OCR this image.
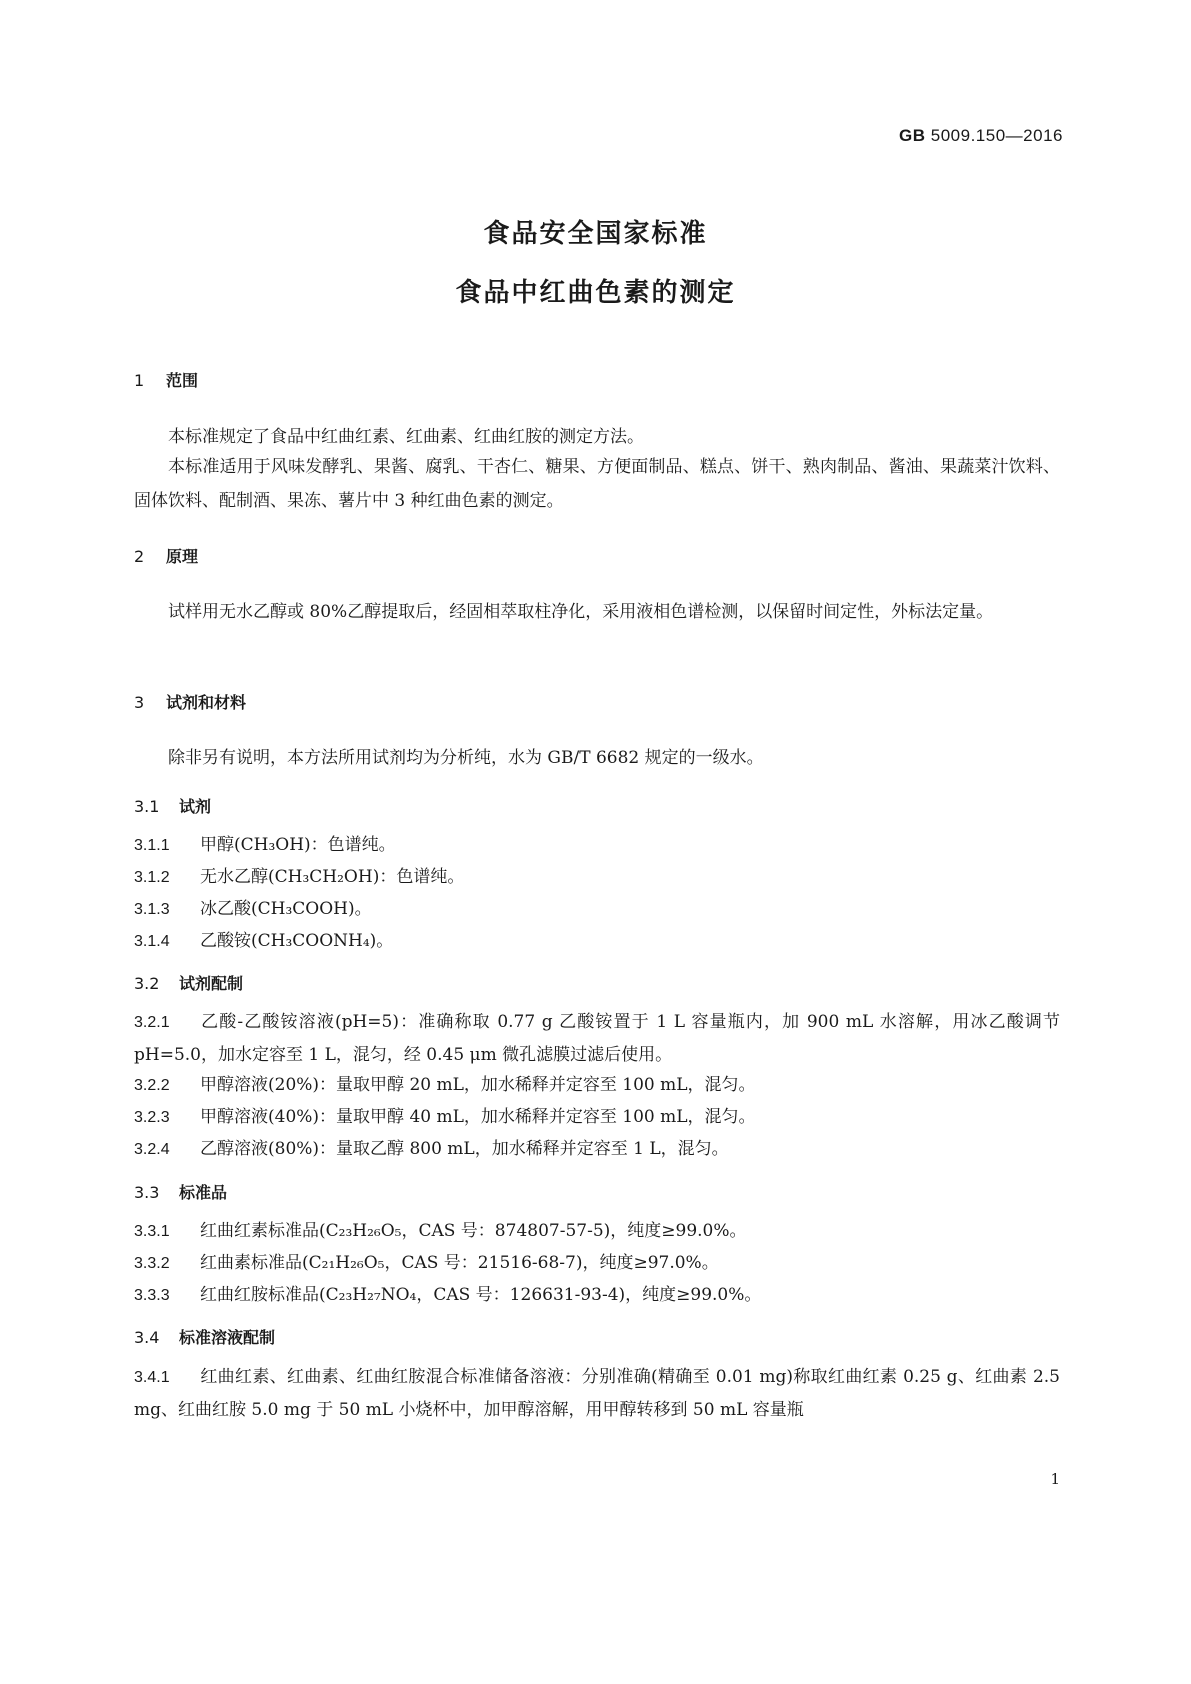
GB 5009.150—2016
食品安全国家标准
食品中红曲色素的测定
1 范围

本标准规定了食品中红曲红素、红曲素、红曲红胺的测定方法。

本标准适用于风味发酵乳、果酱、腐乳、干杏仁、糖果、方便面制品、糕点、饼干、熟肉制品、酱油、果蔬菜汁饮料、固体饮料、配制酒、果冻、薯片中 3 种红曲色素的测定。

2 原理

试样用无水乙醇或 80%乙醇提取后，经固相萃取柱净化，采用液相色谱检测，以保留时间定性，外标法定量。

3 试剂和材料

除非另有说明，本方法所用试剂均为分析纯，水为 GB/T 6682 规定的一级水。

3.1 试剂
3.1.1 甲醇(CH₃OH)：色谱纯。
3.1.2 无水乙醇(CH₃CH₂OH)：色谱纯。
3.1.3 冰乙酸(CH₃COOH)。
3.1.4 乙酸铵(CH₃COONH₄)。
3.2 试剂配制
3.2.1 乙酸-乙酸铵溶液(pH=5)：准确称取 0.77 g 乙酸铵置于 1 L 容量瓶内，加 900 mL 水溶解，用冰乙酸调节 pH=5.0，加水定容至 1 L，混匀，经 0.45 μm 微孔滤膜过滤后使用。
3.2.2 甲醇溶液(20%)：量取甲醇 20 mL，加水稀释并定容至 100 mL，混匀。
3.2.3 甲醇溶液(40%)：量取甲醇 40 mL，加水稀释并定容至 100 mL，混匀。
3.2.4 乙醇溶液(80%)：量取乙醇 800 mL，加水稀释并定容至 1 L，混匀。
3.3 标准品
3.3.1 红曲红素标准品(C₂₃H₂₆O₅，CAS 号：874807-57-5)，纯度≥99.0%。
3.3.2 红曲素标准品(C₂₁H₂₆O₅，CAS 号：21516-68-7)，纯度≥97.0%。
3.3.3 红曲红胺标准品(C₂₃H₂₇NO₄，CAS 号：126631-93-4)，纯度≥99.0%。
3.4 标准溶液配制
3.4.1 红曲红素、红曲素、红曲红胺混合标准储备溶液：分别准确(精确至 0.01 mg)称取红曲红素 0.25 g、红曲素 2.5 mg、红曲红胺 5.0 mg 于 50 mL 小烧杯中，加甲醇溶解，用甲醇转移到 50 mL 容量瓶
1
